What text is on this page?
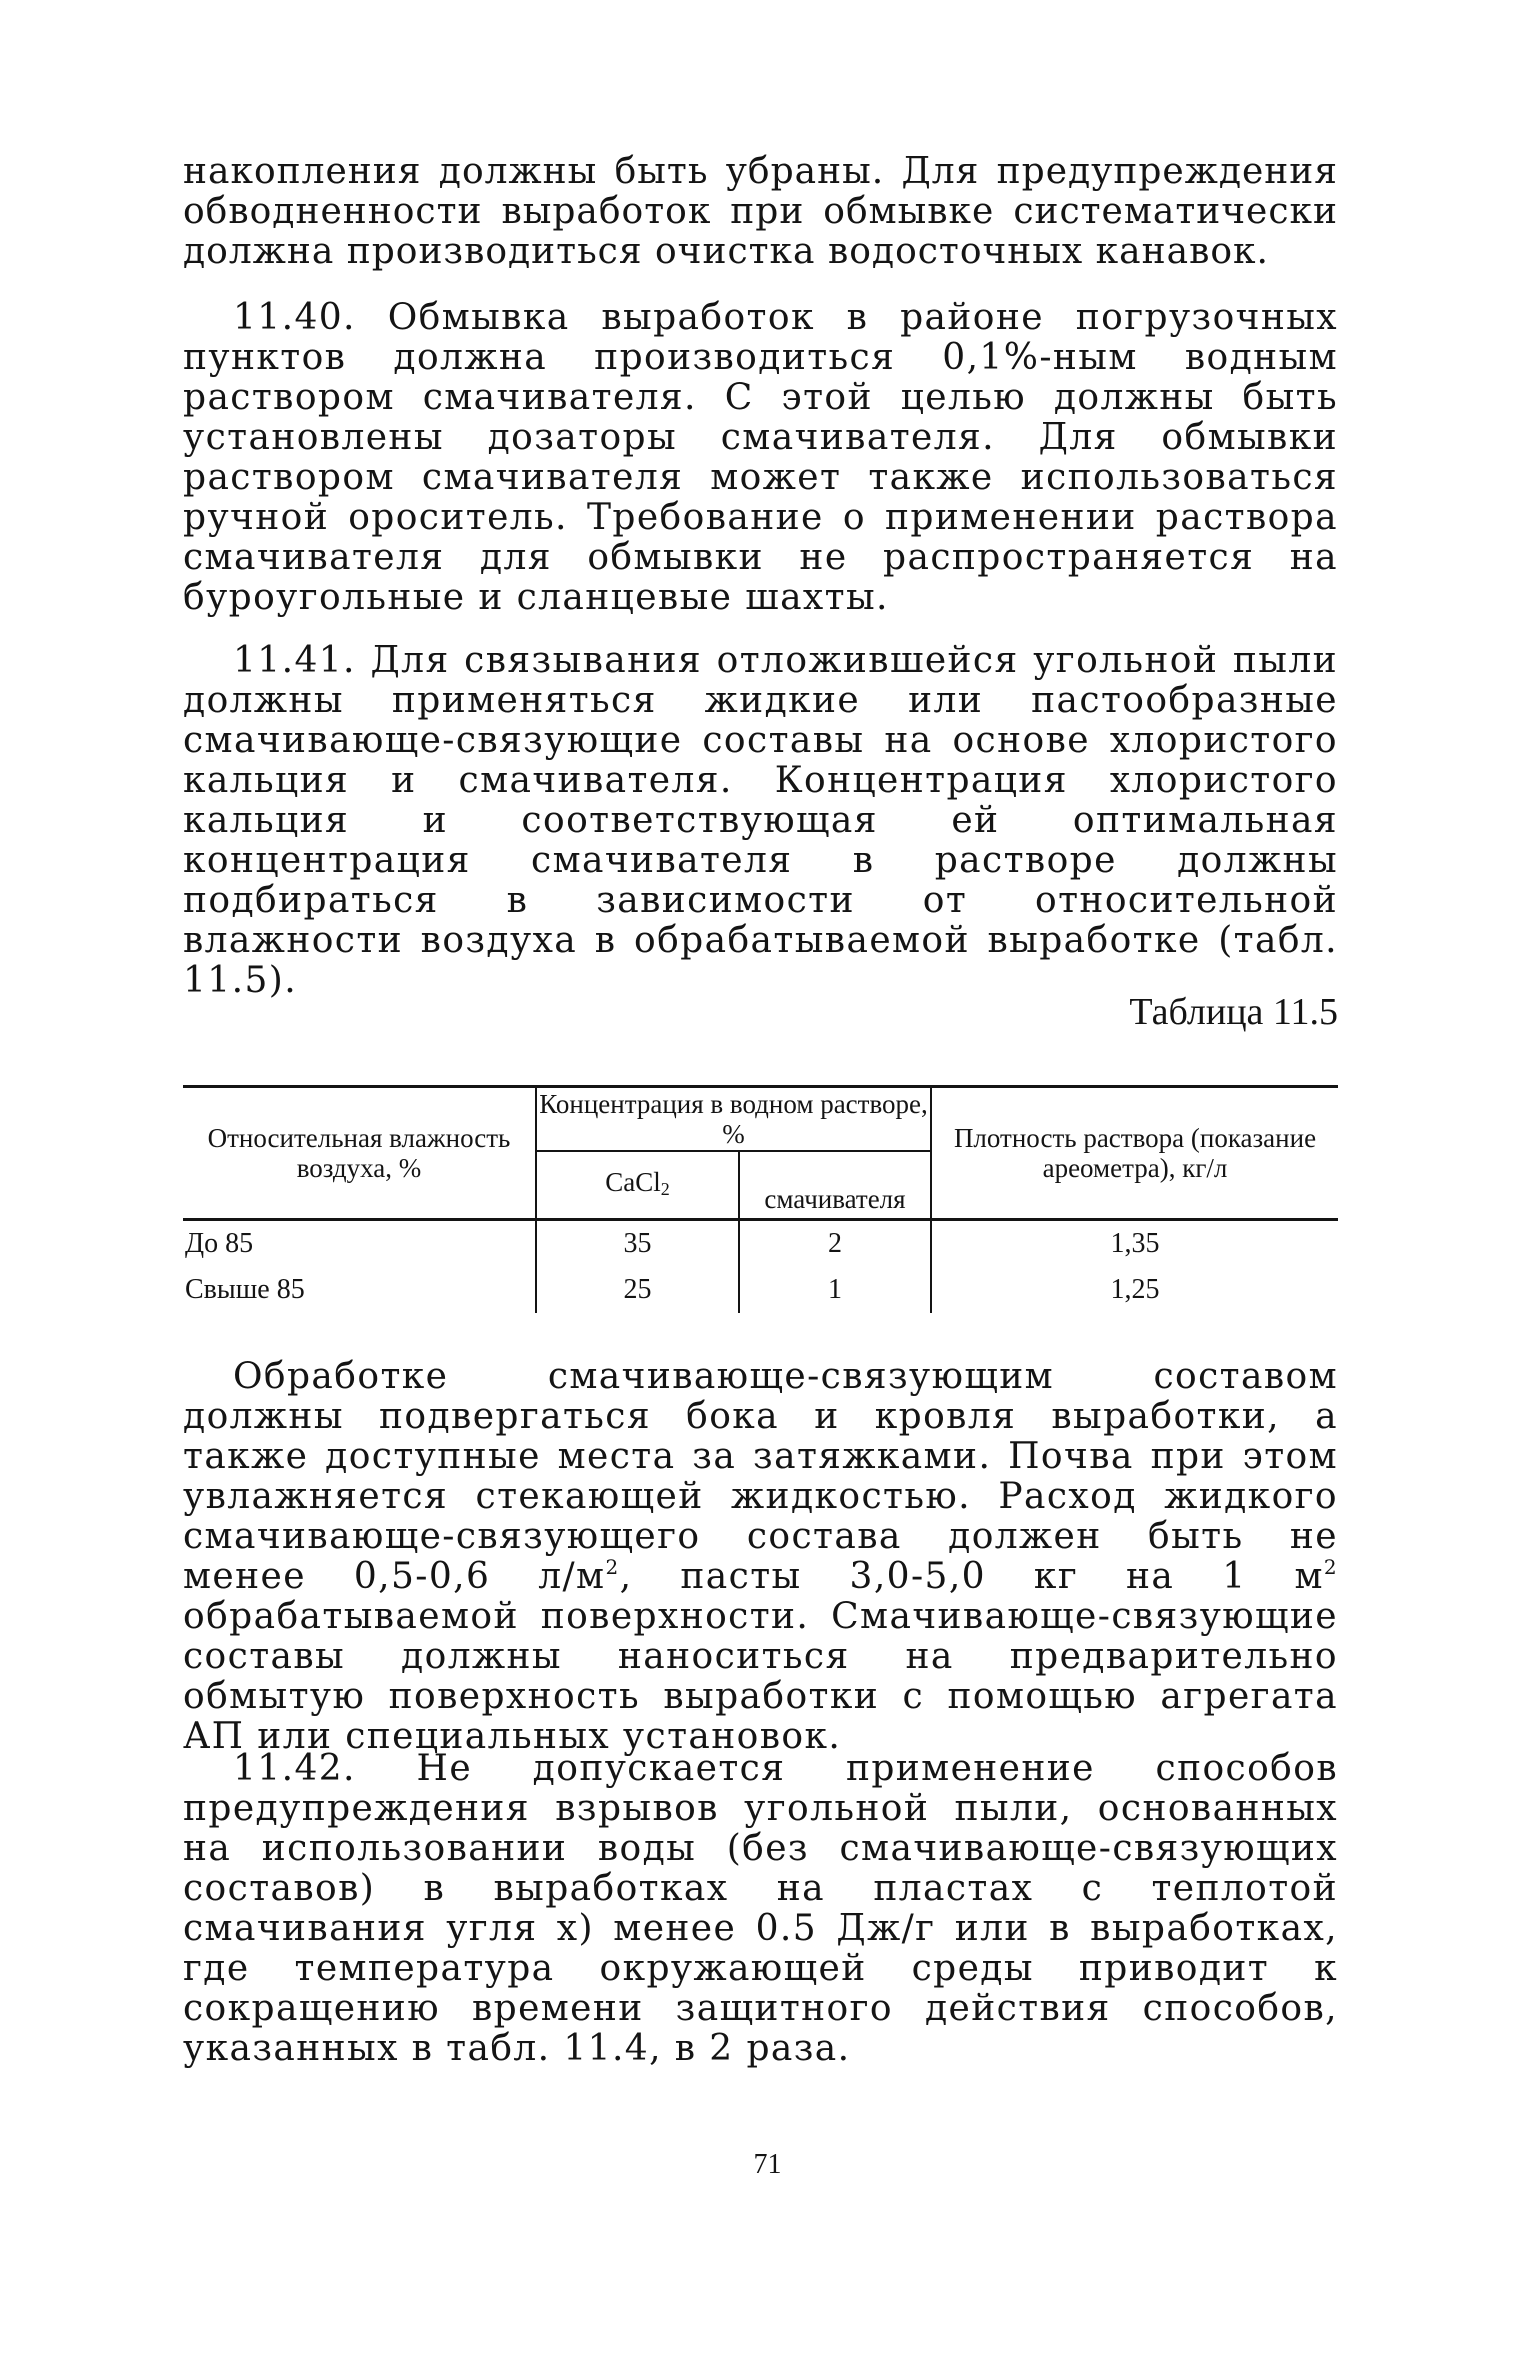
накопления должны быть убраны. Для предупреждения обводненности выработок при обмывке систематически должна производиться очистка водосточных канавок.

11.40. Обмывка выработок в районе погрузочных пунктов должна производиться 0,1%-ным водным раствором смачивателя. С этой целью должны быть установлены дозаторы смачивателя. Для обмывки раствором смачивателя может также использоваться ручной ороситель. Требование о применении раствора смачивателя для обмывки не распространяется на буроугольные и сланцевые шахты.

11.41. Для связывания отложившейся угольной пыли должны применяться жидкие или пастообразные смачивающе-связующие составы на основе хлористого кальция и смачивателя. Концентрация хлористого кальция и соответствующая ей оптимальная концентрация смачивателя в растворе должны подбираться в зависимости от относительной влажности воздуха в обрабатываемой выработке (табл. 11.5).

Таблица 11.5

Относительная влажность воздуха, %	Концентрация в водном растворе, %		Плотность раствора (показание ареометра), кг/л
	CaCl2	смачивателя	
До 85	35	2	1,35
Свыше 85	25	1	1,25

Обработке смачивающе-связующим составом должны подвергаться бока и кровля выработки, а также доступные места за затяжками. Почва при этом увлажняется стекающей жидкостью. Расход жидкого смачивающе-связующего состава должен быть не менее 0,5-0,6 $л/м^2$, пасты 3,0-5,0 кг на 1 $м^2$ обрабатываемой поверхности. Смачивающе-связующие составы должны наноситься на предварительно обмытую поверхность выработки с помощью агрегата АП или специальных установок.

11.42. Не допускается применение способов предупреждения взрывов угольной пыли, основанных на использовании воды (без смачивающе-связующих составов) в выработках на пластах с теплотой смачивания угля х) менее 0.5 Дж/г или в выработках, где температура окружающей среды приводит к сокращению времени защитного действия способов, указанных в табл. 11.4, в 2 раза.

71
